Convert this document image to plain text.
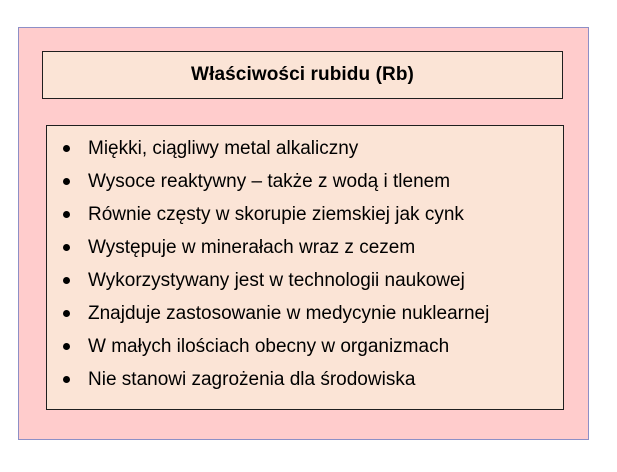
Właściwości rubidu (Rb)
Miękki, ciągliwy metal alkaliczny
Wysoce reaktywny – także z wodą i tlenem
Równie częsty w skorupie ziemskiej jak cynk
Występuje w minerałach wraz z cezem
Wykorzystywany jest w technologii naukowej
Znajduje zastosowanie w medycynie nuklearnej
W małych ilościach obecny w organizmach
Nie stanowi zagrożenia dla środowiska
